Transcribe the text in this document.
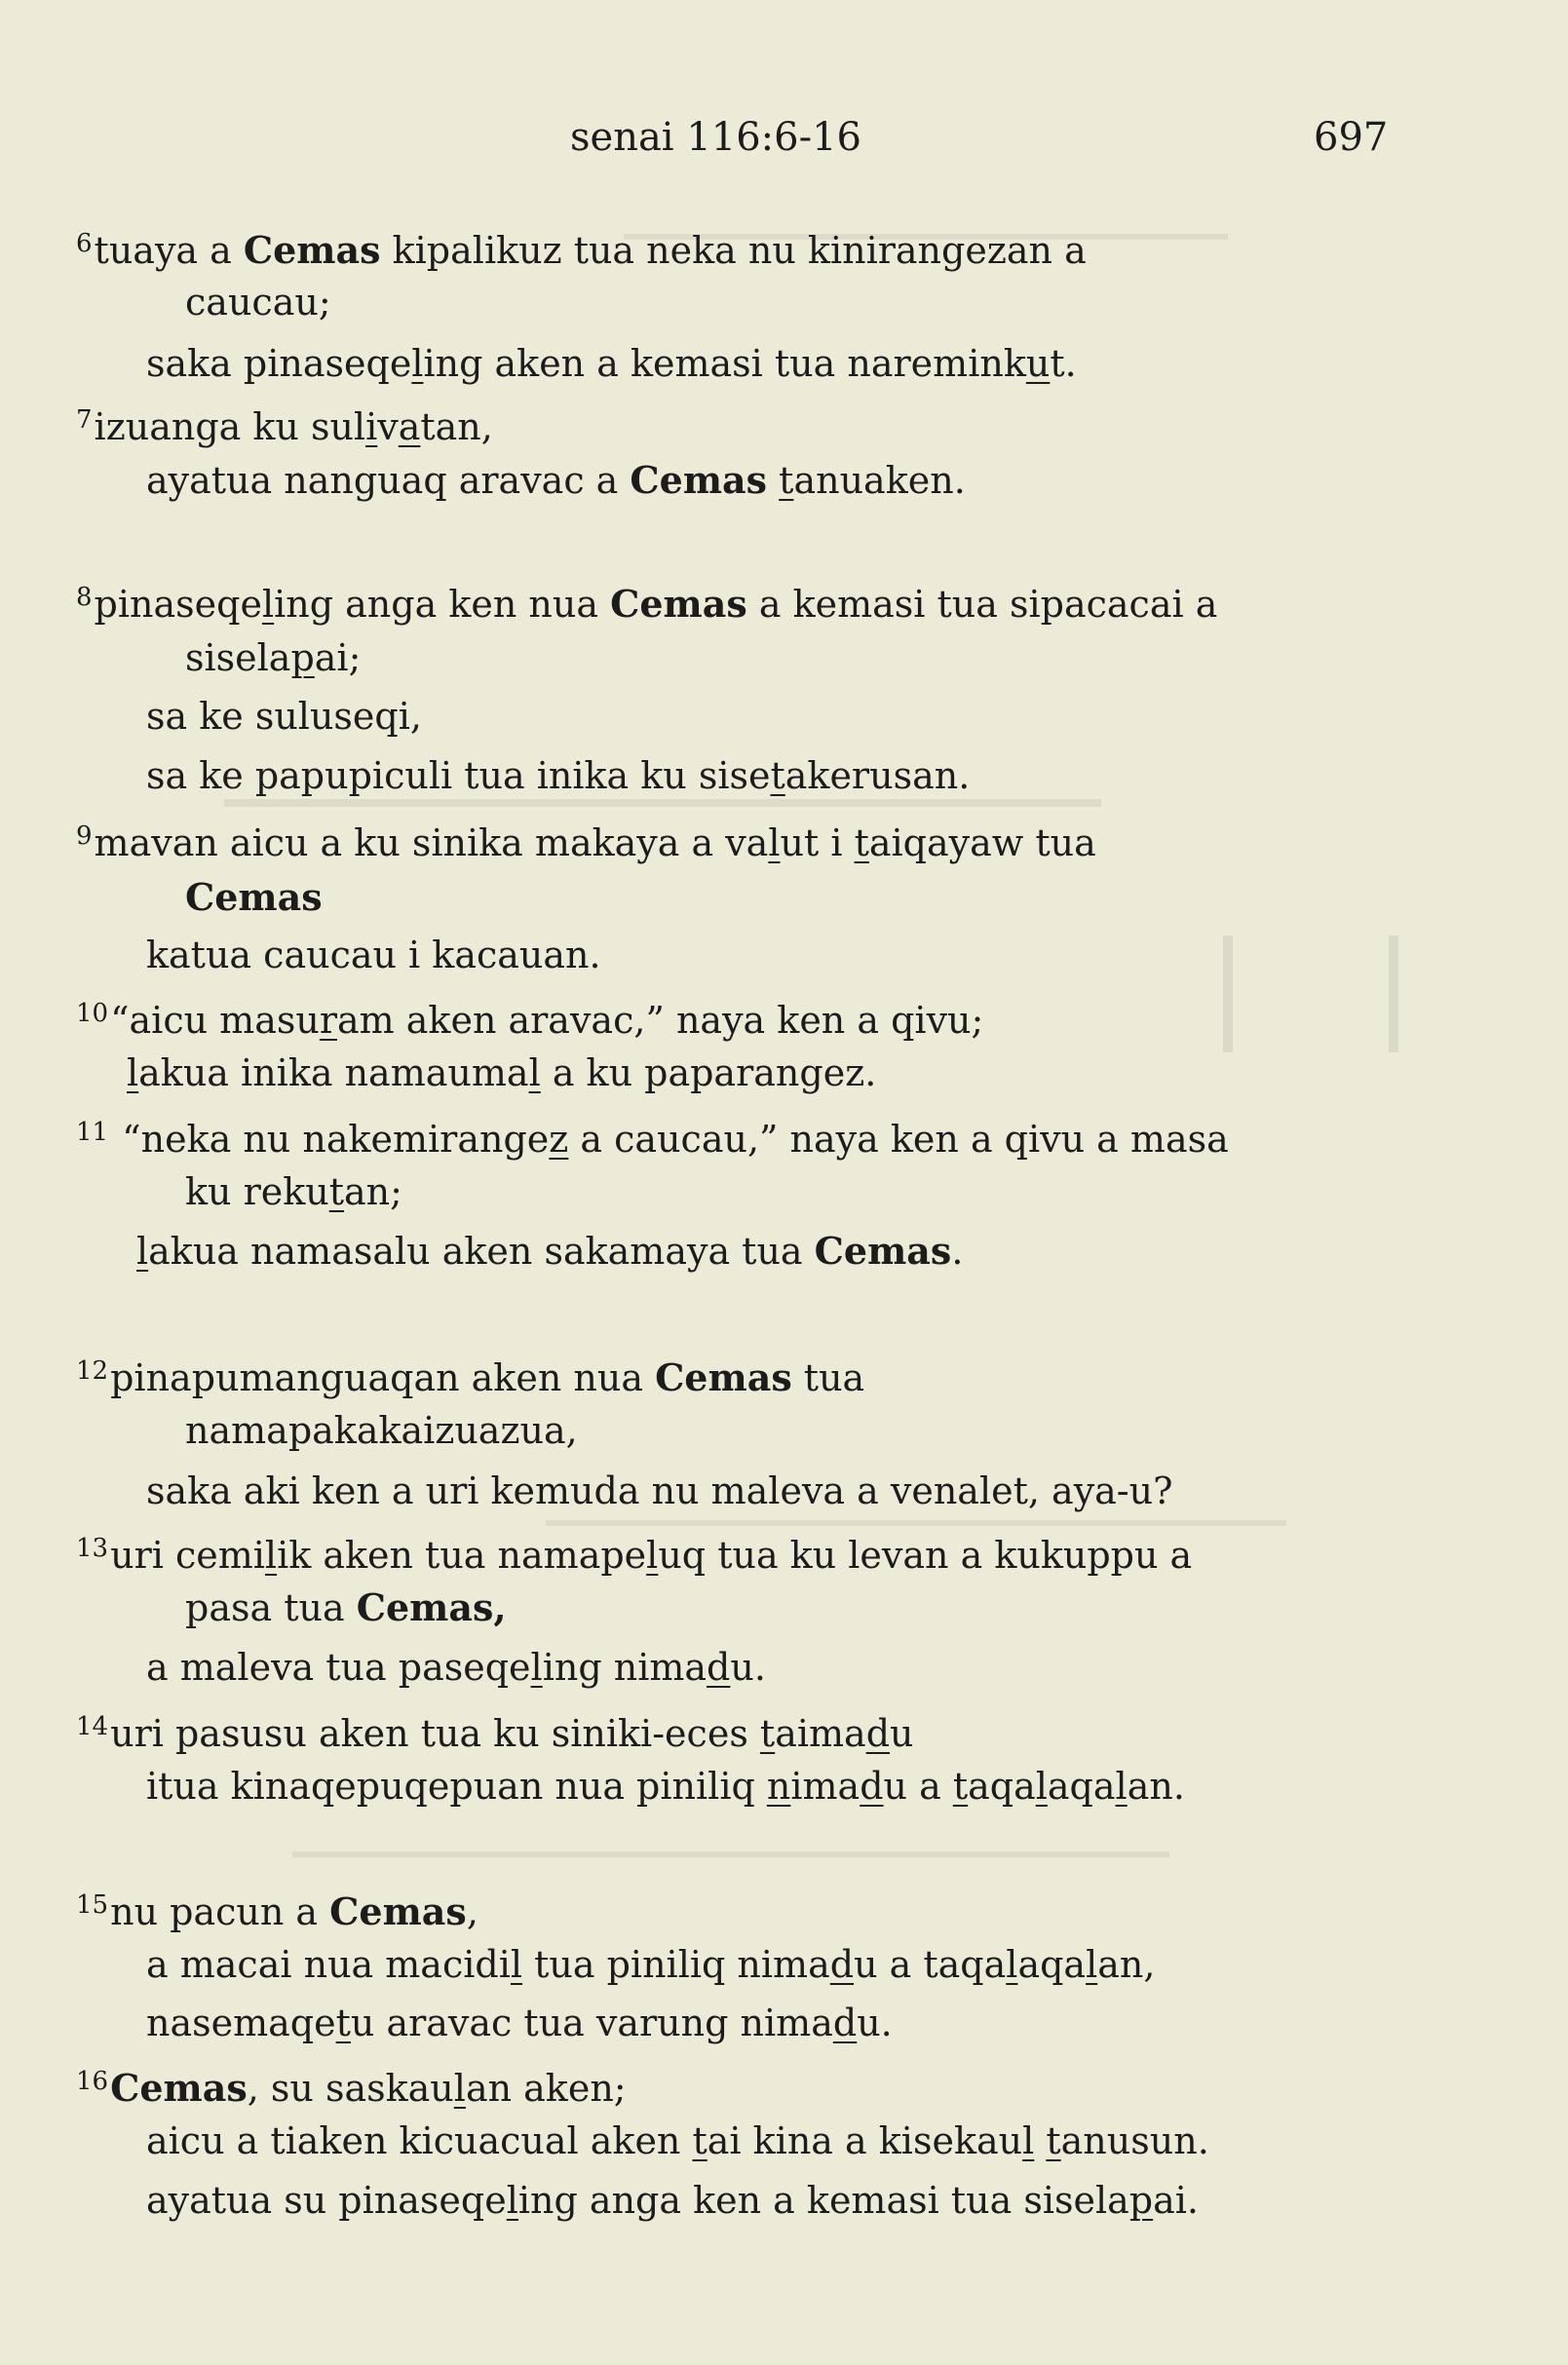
senai 116:6-16	697
$^6$tuaya a Cemas kipalikuz tua neka nu kinirangezan a
caucau;
saka pinaseqeling aken a kemasi tua nareminkut.
$^7$izuanga ku sulivatan,
ayatua nanguaq aravac a Cemas tanuaken.
$^8$pinaseqeling anga ken nua Cemas a kemasi tua sipacacai a
siselapai;
sa ke suluseqi,
sa ke papupiculi tua inika ku sisetakerusan.
$^9$mavan aicu a ku sinika makaya a valut i taiqayaw tua
Cemas
katua caucau i kacauan.
$^{10}$“aicu masuram aken aravac,” naya ken a qivu;
lakua inika namaumal a ku paparangez.
$^{11}$ “neka nu nakemirangez a caucau,” naya ken a qivu a masa
ku rekutan;
lakua namasalu aken sakamaya tua Cemas.
$^{12}$pinapumanguaqan aken nua Cemas tua
namapakakaizuazua,
saka aki ken a uri kemuda nu maleva a venalet, aya-u?
$^{13}$uri cemilik aken tua namapeluq tua ku levan a kukuppu a
pasa tua Cemas,
a maleva tua paseqeling nimadu.
$^{14}$uri pasusu aken tua ku siniki-eces taimadu
itua kinaqepuqepuan nua piniliq nimadu a taqalaqalan.
$^{15}$nu pacun a Cemas,
a macai nua macidil tua piniliq nimadu a taqalaqalan,
nasemaqetu aravac tua varung nimadu.
$^{16}$Cemas, su saskaulan aken;
aicu a tiaken kicuacual aken tai kina a kisekaul tanusun.
ayatua su pinaseqeling anga ken a kemasi tua siselapai.
